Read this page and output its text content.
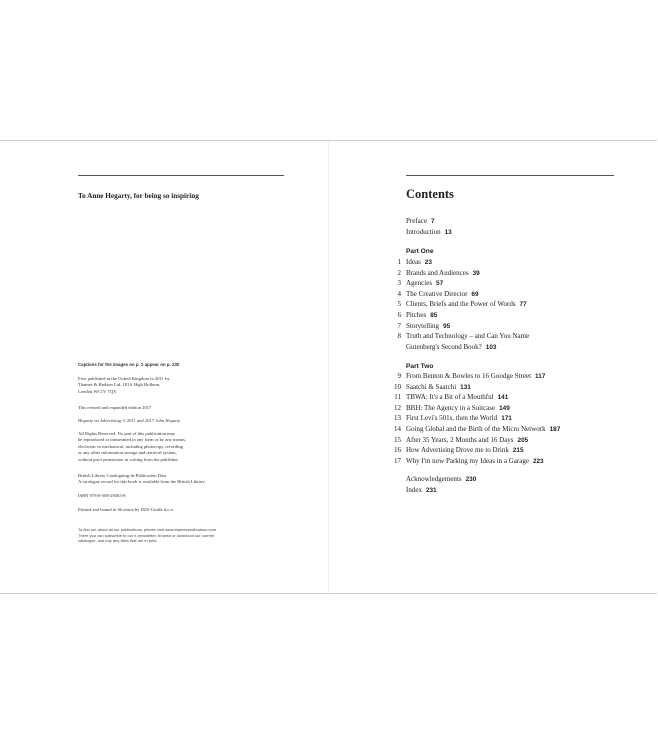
To Anne Hegarty, for being so inspiring

Captions for the images on p. 2 appear on p. 230

First published in the United Kingdom in 2011 by

Thames & Hudson Ltd, 181A High Holborn,

London WC1V 7QX

This revised and expanded edition 2017

Hegarty on Advertising © 2011 and 2017 John Hegarty

All Rights Reserved. No part of this publication may

be reproduced or transmitted in any form or by any means,

electronic or mechanical, including photocopy, recording

or any other information storage and retrieval system,

without prior permission in writing from the publisher.

British Library Cataloguing-in-Publication Data

A catalogue record for this book is available from the British Library

ISBN 978-0-500-29363-8

Printed and bound in Slovenia by DZS-Grafik d.o.o.

To find out about all our publications, please visit www.thamesandhudson.com
There you can subscribe to our e-newsletter, browse or download our current
catalogue, and buy any titles that are in print.
Contents
Preface 7
Introduction 13
Part One
1 Ideas 23
2 Brands and Audiences 39
3 Agencies 57
4 The Creative Director 69
5 Clients, Briefs and the Power of Words 77
6 Pitches 85
7 Storytelling 95
8 Truth and Technology – and Can You Name
Gutenberg's Second Book? 103
Part Two
9 From Benton & Bowles to 16 Goodge Street 117
10 Saatchi & Saatchi 131
11 TBWA: It's a Bit of a Mouthful 141
12 BBH: The Agency in a Suitcase 149
13 First Levi's 501s, then the World 171
14 Going Global and the Birth of the Micro Network 187
15 After 35 Years, 2 Months and 16 Days 205
16 How Advertising Drove me to Drink 215
17 Why I'm now Parking my Ideas in a Garage 223
Acknowledgements 230
Index 231
